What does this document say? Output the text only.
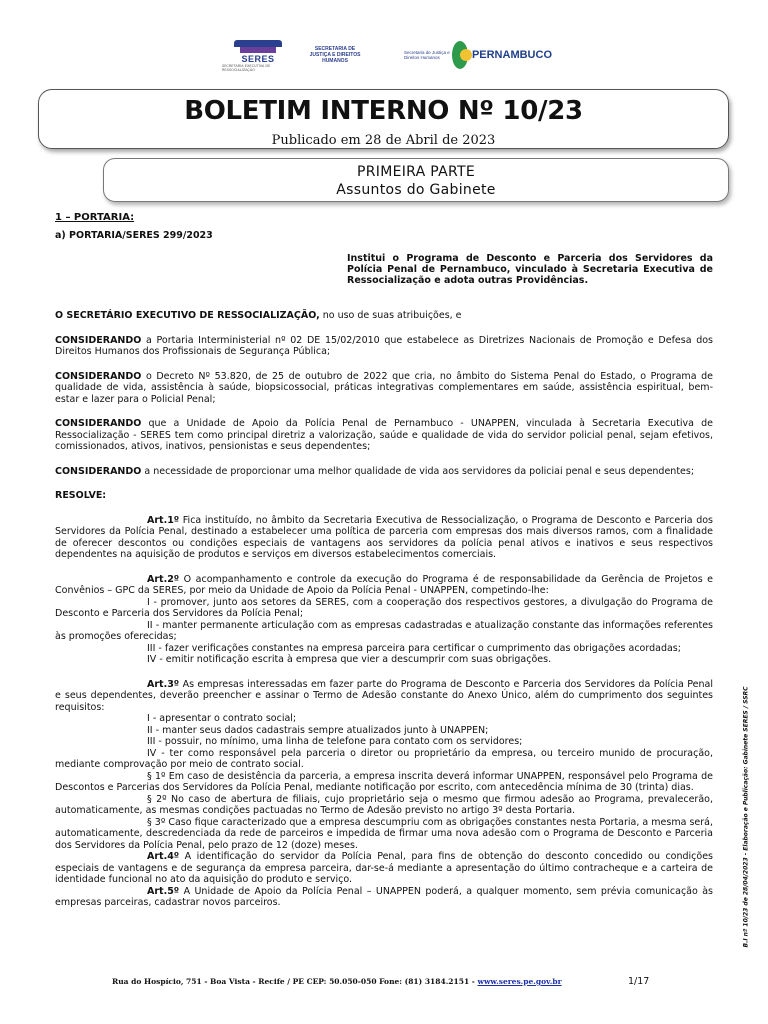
SERES
SECRETARIA EXECUTIVA DE RESSOCIALIZAÇÃO
SECRETARIA DE JUSTIÇA E DIREITOS HUMANOS
Secretaria de Justiça e Direitos Humanos	PERNAMBUCO
BOLETIM INTERNO Nº 10/23
Publicado em 28 de Abril de 2023
PRIMEIRA PARTE
Assuntos do Gabinete
1 – PORTARIA:
a) PORTARIA/SERES 299/2023
Institui o Programa de Desconto e Parceria dos Servidores da Polícia Penal de Pernambuco, vinculado à Secretaria Executiva de Ressocialização e adota outras Providências.

O SECRETÁRIO EXECUTIVO DE RESSOCIALIZAÇÃO, no uso de suas atribuições, e

CONSIDERANDO a Portaria Interministerial nº 02 DE 15/02/2010 que estabelece as Diretrizes Nacionais de Promoção e Defesa dos Direitos Humanos dos Profissionais de Segurança Pública;

CONSIDERANDO o Decreto Nº 53.820, de 25 de outubro de 2022 que cria, no âmbito do Sistema Penal do Estado, o Programa de qualidade de vida, assistência à saúde, biopsicossocial, práticas integrativas complementares em saúde, assistência espiritual, bem-estar e lazer para o Policial Penal;

CONSIDERANDO que a Unidade de Apoio da Polícia Penal de Pernambuco - UNAPPEN, vinculada à Secretaria Executiva de Ressocialização - SERES tem como principal diretriz a valorização, saúde e qualidade de vida do servidor policial penal, sejam efetivos, comissionados, ativos, inativos, pensionistas e seus dependentes;

CONSIDERANDO a necessidade de proporcionar uma melhor qualidade de vida aos servidores da policiai penal e seus dependentes;

RESOLVE:

Art.1º Fica instituído, no âmbito da Secretaria Executiva de Ressocialização, o Programa de Desconto e Parceria dos Servidores da Polícia Penal, destinado a estabelecer uma política de parceria com empresas dos mais diversos ramos, com a finalidade de oferecer descontos ou condições especiais de vantagens aos servidores da polícia penal ativos e inativos e seus respectivos dependentes na aquisição de produtos e serviços em diversos estabelecimentos comerciais.

Art.2º O acompanhamento e controle da execução do Programa é de responsabilidade da Gerência de Projetos e Convênios – GPC da SERES, por meio da Unidade de Apoio da Polícia Penal - UNAPPEN, competindo-lhe:

I - promover, junto aos setores da SERES, com a cooperação dos respectivos gestores, a divulgação do Programa de Desconto e Parceria dos Servidores da Polícia Penal;

II - manter permanente articulação com as empresas cadastradas e atualização constante das informações referentes às promoções oferecidas;

III - fazer verificações constantes na empresa parceira para certificar o cumprimento das obrigações acordadas;

IV - emitir notificação escrita à empresa que vier a descumprir com suas obrigações.

Art.3º As empresas interessadas em fazer parte do Programa de Desconto e Parceria dos Servidores da Polícia Penal e seus dependentes, deverão preencher e assinar o Termo de Adesão constante do Anexo Único, além do cumprimento dos seguintes requisitos:

I - apresentar o contrato social;

II - manter seus dados cadastrais sempre atualizados junto à UNAPPEN;

III - possuir, no mínimo, uma linha de telefone para contato com os servidores;

IV - ter como responsável pela parceria o diretor ou proprietário da empresa, ou terceiro munido de procuração, mediante comprovação por meio de contrato social.

§ 1º Em caso de desistência da parceria, a empresa inscrita deverá informar UNAPPEN, responsável pelo Programa de Descontos e Parcerias dos Servidores da Polícia Penal, mediante notificação por escrito, com antecedência mínima de 30 (trinta) dias.

§ 2º No caso de abertura de filiais, cujo proprietário seja o mesmo que firmou adesão ao Programa, prevalecerão, automaticamente, as mesmas condições pactuadas no Termo de Adesão previsto no artigo 3º desta Portaria.

§ 3º Caso fique caracterizado que a empresa descumpriu com as obrigações constantes nesta Portaria, a mesma será, automaticamente, descredenciada da rede de parceiros e impedida de firmar uma nova adesão com o Programa de Desconto e Parceria dos Servidores da Polícia Penal, pelo prazo de 12 (doze) meses.

Art.4º A identificação do servidor da Polícia Penal, para fins de obtenção do desconto concedido ou condições especiais de vantagens e de segurança da empresa parceira, dar-se-á mediante a apresentação do último contracheque e a carteira de identidade funcional no ato da aquisição do produto e serviço.

Art.5º A Unidade de Apoio da Polícia Penal – UNAPPEN poderá, a qualquer momento, sem prévia comunicação às empresas parceiras, cadastrar novos parceiros.	B.I nº 10/23 de 28/04/2023 - Elaboração e Publicação: Gabinete SERES / SSRC
Rua do Hospício, 751 - Boa Vista - Recife / PE CEP: 50.050-050 Fone: (81) 3184.2151 - www.seres.pe.gov.br	1/17
